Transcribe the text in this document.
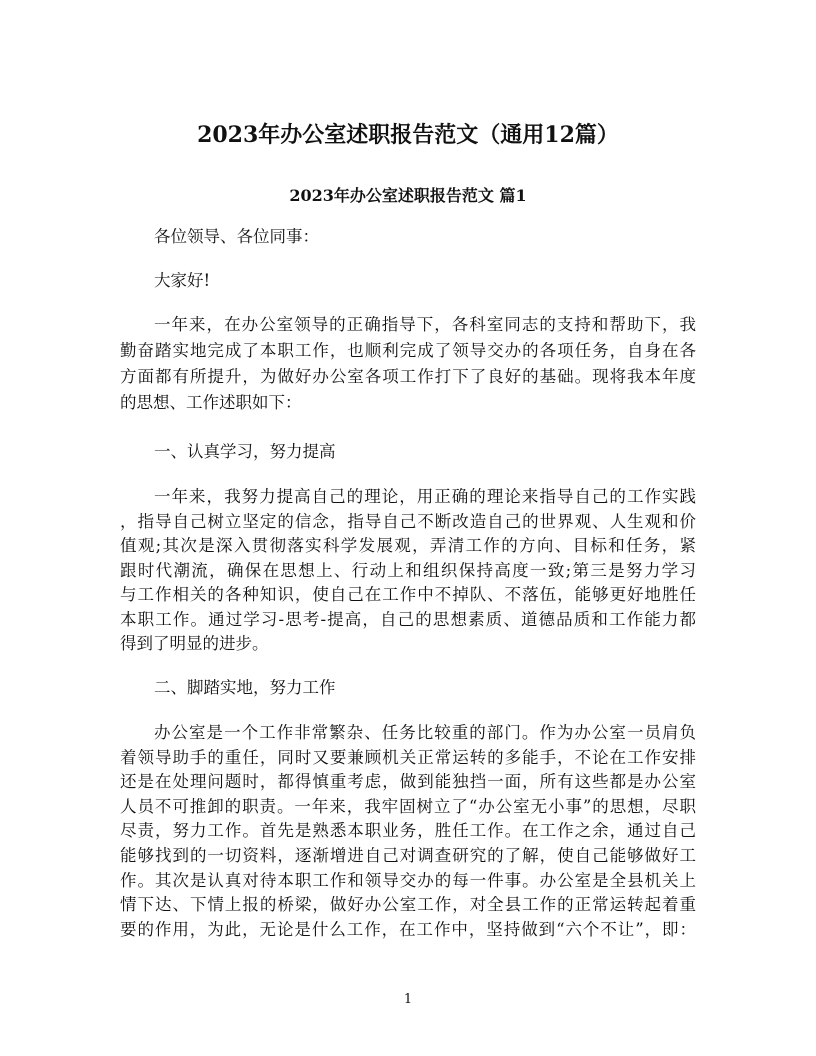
2023年办公室述职报告范文（通用12篇）
2023年办公室述职报告范文 篇1
各位领导、各位同事：
大家好!
一年来，在办公室领导的正确指导下，各科室同志的支持和帮助下，我
勤奋踏实地完成了本职工作，也顺利完成了领导交办的各项任务，自身在各
方面都有所提升，为做好办公室各项工作打下了良好的基础。现将我本年度
的思想、工作述职如下：
一、认真学习，努力提高
一年来，我努力提高自己的理论，用正确的理论来指导自己的工作实践
，指导自己树立坚定的信念，指导自己不断改造自己的世界观、人生观和价
值观;其次是深入贯彻落实科学发展观，弄清工作的方向、目标和任务，紧
跟时代潮流，确保在思想上、行动上和组织保持高度一致;第三是努力学习
与工作相关的各种知识，使自己在工作中不掉队、不落伍，能够更好地胜任
本职工作。通过学习-思考-提高，自己的思想素质、道德品质和工作能力都
得到了明显的进步。
二、脚踏实地，努力工作
办公室是一个工作非常繁杂、任务比较重的部门。作为办公室一员肩负
着领导助手的重任，同时又要兼顾机关正常运转的多能手，不论在工作安排
还是在处理问题时，都得慎重考虑，做到能独挡一面，所有这些都是办公室
人员不可推卸的职责。一年来，我牢固树立了“办公室无小事”的思想，尽职
尽责，努力工作。首先是熟悉本职业务，胜任工作。在工作之余，通过自己
能够找到的一切资料，逐渐增进自己对调查研究的了解，使自己能够做好工
作。其次是认真对待本职工作和领导交办的每一件事。办公室是全县机关上
情下达、下情上报的桥梁，做好办公室工作，对全县工作的正常运转起着重
要的作用，为此，无论是什么工作，在工作中，坚持做到“六个不让”，即：
1
